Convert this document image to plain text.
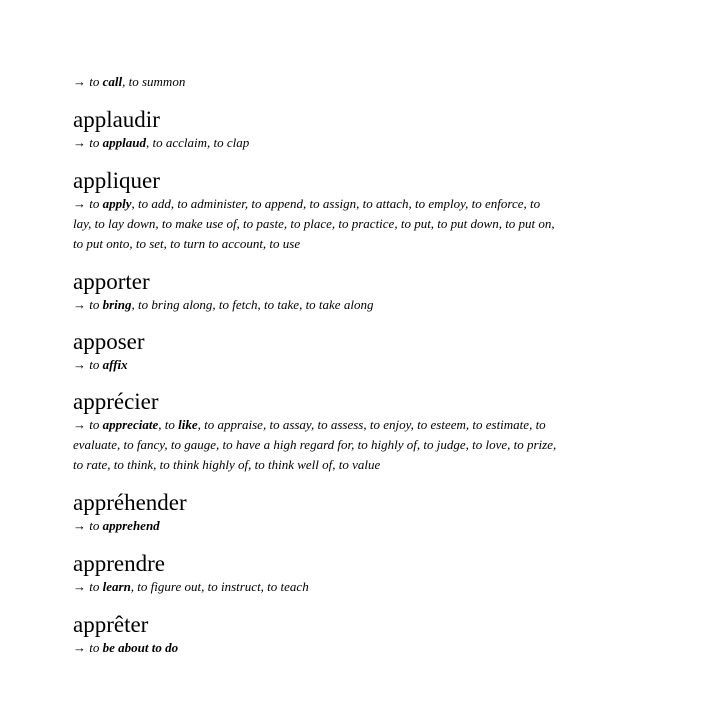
→ to call, to summon

applaudir

→ to applaud, to acclaim, to clap

appliquer

→ to apply, to add, to administer, to append, to assign, to attach, to employ, to enforce, to

lay, to lay down, to make use of, to paste, to place, to practice, to put, to put down, to put on,

to put onto, to set, to turn to account, to use

apporter

→ to bring, to bring along, to fetch, to take, to take along

apposer

→ to affix

apprécier

→ to appreciate, to like, to appraise, to assay, to assess, to enjoy, to esteem, to estimate, to

evaluate, to fancy, to gauge, to have a high regard for, to highly of, to judge, to love, to prize,

to rate, to think, to think highly of, to think well of, to value

appréhender

→ to apprehend

apprendre

→ to learn, to figure out, to instruct, to teach

apprêter

→ to be about to do
